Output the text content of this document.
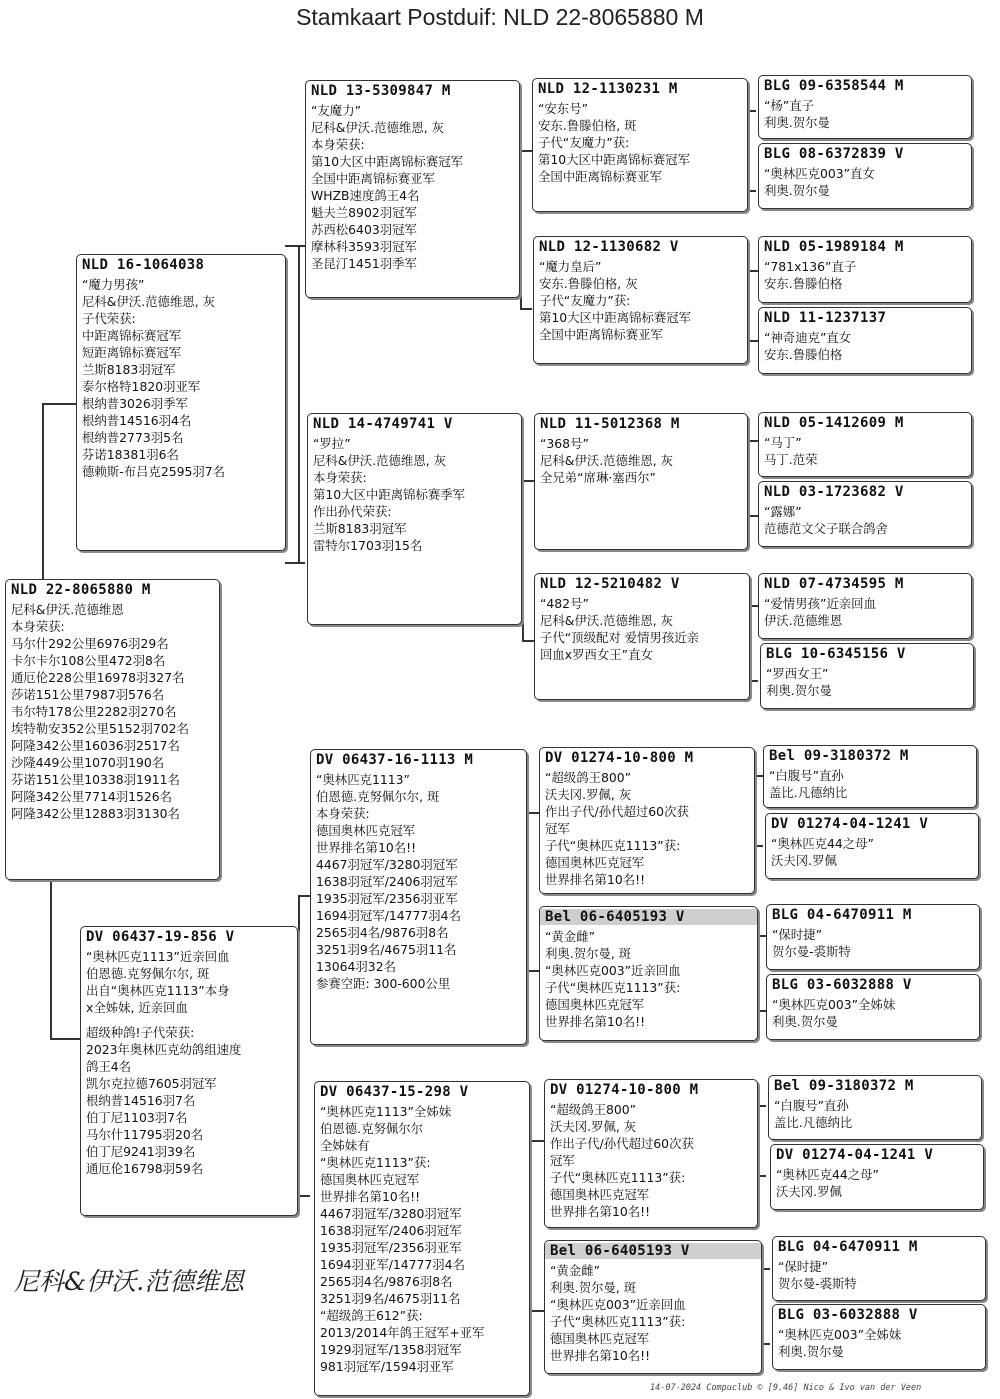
Stamkaart Postduif: NLD 22-8065880 M
NLD 22-8065880 M
尼科&伊沃.范德维恩
本身荣获:
马尔什292公里6976羽29名
卡尔卡尔108公里472羽8名
通厄伦228公里16978羽327名
莎诺151公里7987羽576名
韦尔特178公里2282羽270名
埃特勒安352公里5152羽702名
阿隆342公里16036羽2517名
沙隆449公里1070羽190名
芬诺151公里10338羽1911名
阿隆342公里7714羽1526名
阿隆342公里12883羽3130名
NLD 16-1064038
“魔力男孩”
尼科&伊沃.范德维恩, 灰
子代荣获:
中距离锦标赛冠军
短距离锦标赛冠军
兰斯8183羽冠军
泰尔格特1820羽亚军
根纳普3026羽季军
根纳普14516羽4名
根纳普2773羽5名
芬诺18381羽6名
德赖斯-布吕克2595羽7名
DV 06437-19-856 V
“奥林匹克1113”近亲回血
伯恩德.克努佩尔尔, 斑
出自“奥林匹克1113”本身
x全姊妹, 近亲回血
超级种鸽!子代荣获:
2023年奥林匹克幼鸽组速度
鸽王4名
凯尔克拉德7605羽冠军
根纳普14516羽7名
伯丁尼1103羽7名
马尔什11795羽20名
伯丁尼9241羽39名
通厄伦16798羽59名
NLD 13-5309847 M
“友魔力”
尼科&伊沃.范德维恩, 灰
本身荣获:
第10大区中距离锦标赛冠军
全国中距离锦标赛亚军
WHZB速度鸽王4名
魁夫兰8902羽冠军
苏西松6403羽冠军
摩林科3593羽冠军
圣昆汀1451羽季军
NLD 14-4749741 V
“罗拉”
尼科&伊沃.范德维恩, 灰
本身荣获:
第10大区中距离锦标赛季军
作出孙代荣获:
兰斯8183羽冠军
雷特尔1703羽15名
DV 06437-16-1113 M
“奥林匹克1113”
伯恩德.克努佩尔尔, 斑
本身荣获:
德国奥林匹克冠军
世界排名第10名!!
4467羽冠军/3280羽冠军
1638羽冠军/2406羽冠军
1935羽冠军/2356羽亚军
1694羽冠军/14777羽4名
2565羽4名/9876羽8名
3251羽9名/4675羽11名
13064羽32名
参赛空距: 300-600公里
DV 06437-15-298 V
“奥林匹克1113”全姊妹
伯恩德.克努佩尔尔
全姊妹有
“奥林匹克1113”获:
德国奥林匹克冠军
世界排名第10名!!
4467羽冠军/3280羽冠军
1638羽冠军/2406羽冠军
1935羽冠军/2356羽亚军
1694羽亚军/14777羽4名
2565羽4名/9876羽8名
3251羽9名/4675羽11名
“超级鸽王612”获:
2013/2014年鸽王冠军+亚军
1929羽冠军/1358羽冠军
981羽冠军/1594羽亚军
NLD 12-1130231 M
“安东号”
安东.鲁滕伯格, 斑
子代“友魔力”获:
第10大区中距离锦标赛冠军
全国中距离锦标赛亚军
NLD 12-1130682 V
“魔力皇后”
安东.鲁滕伯格, 灰
子代“友魔力”获:
第10大区中距离锦标赛冠军
全国中距离锦标赛亚军
NLD 11-5012368 M
“368号”
尼科&伊沃.范德维恩, 灰
全兄弟“席琳·塞西尔”
NLD 12-5210482 V
“482号”
尼科&伊沃.范德维恩, 灰
子代“顶级配对 爱情男孩近亲
回血x罗西女王”直女
DV 01274-10-800 M
“超级鸽王800”
沃夫冈.罗佩, 灰
作出子代/孙代超过60次获
冠军
子代“奥林匹克1113”获:
德国奥林匹克冠军
世界排名第10名!!
Bel 06-6405193 V
“黄金雌”
利奥.贺尔曼, 斑
“奥林匹克003”近亲回血
子代“奥林匹克1113”获:
德国奥林匹克冠军
世界排名第10名!!
DV 01274-10-800 M
“超级鸽王800”
沃夫冈.罗佩, 灰
作出子代/孙代超过60次获
冠军
子代“奥林匹克1113”获:
德国奥林匹克冠军
世界排名第10名!!
Bel 06-6405193 V
“黄金雌”
利奥.贺尔曼, 斑
“奥林匹克003”近亲回血
子代“奥林匹克1113”获:
德国奥林匹克冠军
世界排名第10名!!
BLG 09-6358544 M
“杨”直子
利奥.贺尔曼
BLG 08-6372839 V
“奥林匹克003”直女
利奥.贺尔曼
NLD 05-1989184 M
“781x136”直子
安东.鲁滕伯格
NLD 11-1237137
“神奇迪克”直女
安东.鲁滕伯格
NLD 05-1412609 M
“马丁”
马丁.范荣
NLD 03-1723682 V
“露娜”
范德范文父子联合鸽舍
NLD 07-4734595 M
“爱情男孩”近亲回血
伊沃.范德维恩
BLG 10-6345156 V
“罗西女王”
利奥.贺尔曼
Bel 09-3180372 M
“白腹号”直孙
盖比.凡德纳比
DV 01274-04-1241 V
“奥林匹克44之母”
沃夫冈.罗佩
BLG 04-6470911 M
“保时捷”
贺尔曼-裘斯特
BLG 03-6032888 V
“奥林匹克003”全姊妹
利奥.贺尔曼
Bel 09-3180372 M
“白腹号”直孙
盖比.凡德纳比
DV 01274-04-1241 V
“奥林匹克44之母”
沃夫冈.罗佩
BLG 04-6470911 M
“保时捷”
贺尔曼-裘斯特
BLG 03-6032888 V
“奥林匹克003”全姊妹
利奥.贺尔曼
尼科&伊沃.范德维恩
14-07-2024 Compuclub © [9.46] Nico & Ivo van der Veen
